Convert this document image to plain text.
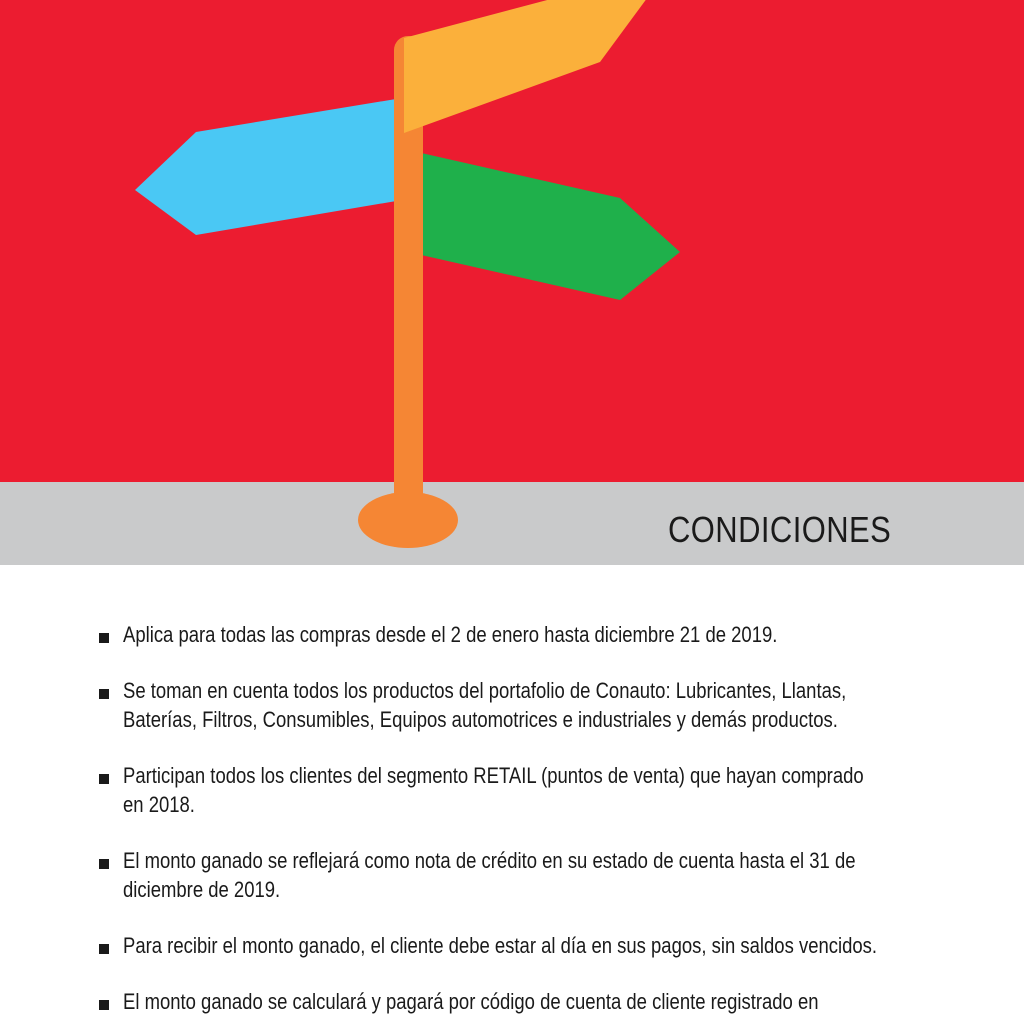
CONDICIONES
Aplica para todas las compras desde el 2 de enero hasta diciembre 21 de 2019.
Se toman en cuenta todos los productos del portafolio de Conauto: Lubricantes, Llantas, Baterías, Filtros, Consumibles, Equipos automotrices e industriales y demás productos.
Participan todos los clientes del segmento RETAIL (puntos de venta) que hayan comprado en 2018.
El monto ganado se reflejará como nota de crédito en su estado de cuenta hasta el 31 de diciembre de 2019.
Para recibir el monto ganado, el cliente debe estar al día en sus pagos, sin saldos vencidos.
El monto ganado se calculará y pagará por código de cuenta de cliente registrado en
